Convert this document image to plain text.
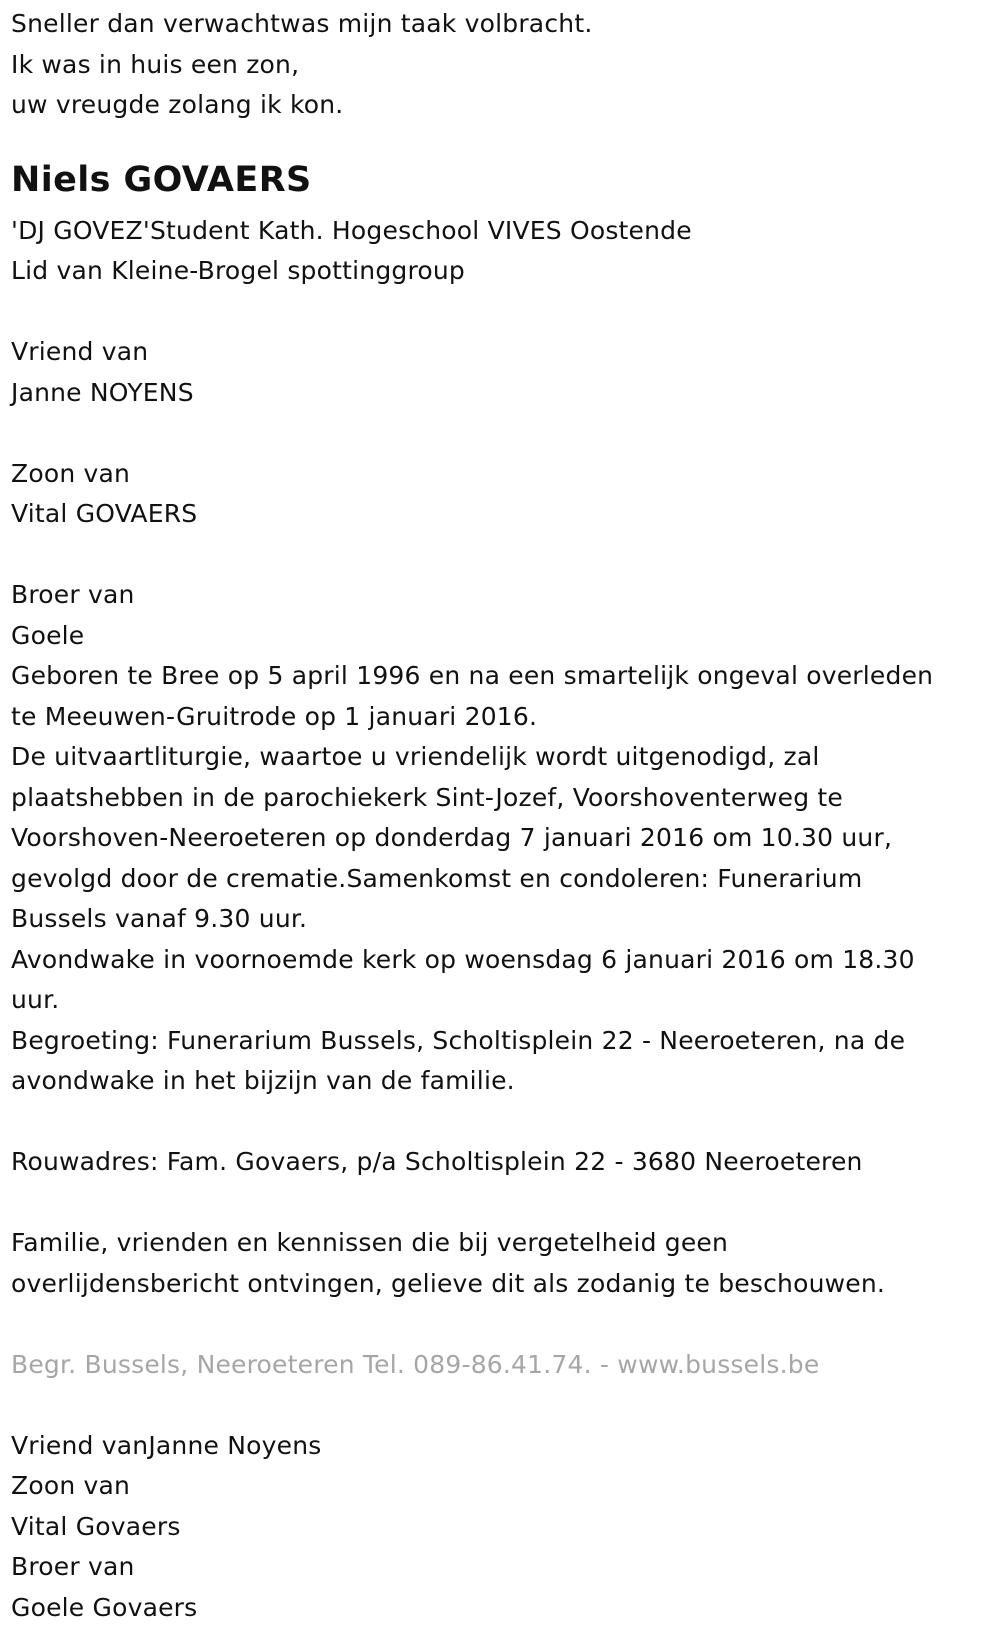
Sneller dan verwachtwas mijn taak volbracht.
Ik was in huis een zon,
uw vreugde zolang ik kon.
Niels GOVAERS
'DJ GOVEZ'Student Kath. Hogeschool VIVES Oostende
Lid van Kleine-Brogel spottinggroup
Vriend van
Janne NOYENS
Zoon van
Vital GOVAERS
Broer van
Goele
Geboren te Bree op 5 april 1996 en na een smartelijk ongeval overleden
te Meeuwen-Gruitrode op 1 januari 2016.
De uitvaartliturgie, waartoe u vriendelijk wordt uitgenodigd, zal
plaatshebben in de parochiekerk Sint-Jozef, Voorshoventerweg te
Voorshoven-Neeroeteren op donderdag 7 januari 2016 om 10.30 uur,
gevolgd door de crematie.Samenkomst en condoleren: Funerarium
Bussels vanaf 9.30 uur.
Avondwake in voornoemde kerk op woensdag 6 januari 2016 om 18.30
uur.
Begroeting: Funerarium Bussels, Scholtisplein 22 - Neeroeteren, na de
avondwake in het bijzijn van de familie.
Rouwadres: Fam. Govaers, p/a Scholtisplein 22 - 3680 Neeroeteren
Familie, vrienden en kennissen die bij vergetelheid geen
overlijdensbericht ontvingen, gelieve dit als zodanig te beschouwen.
Begr. Bussels, Neeroeteren Tel. 089-86.41.74. - www.bussels.be
Vriend vanJanne Noyens
Zoon van
Vital Govaers
Broer van
Goele Govaers
